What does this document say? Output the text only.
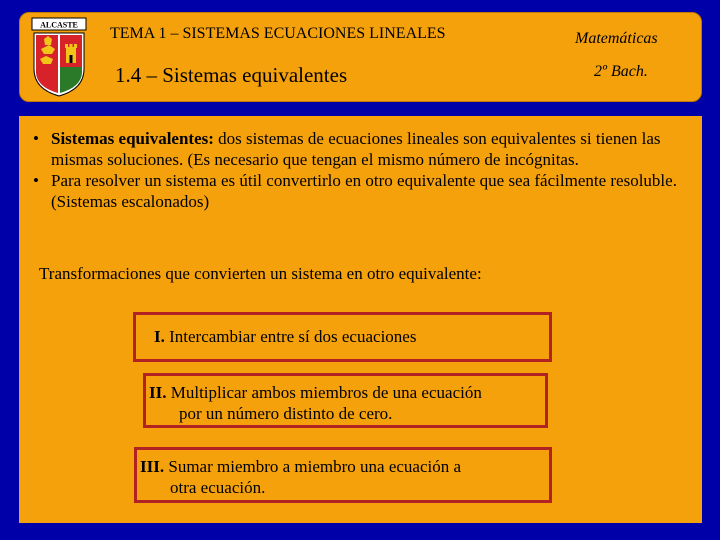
ALCASTE TEMA 1 – SISTEMAS ECUACIONES LINEALES
1.4 – Sistemas equivalentes
Matemáticas
2º Bach.
• Sistemas equivalentes: dos sistemas de ecuaciones lineales son equivalentes si tienen las mismas soluciones. (Es necesario que tengan el mismo número de incógnitas.
• Para resolver un sistema es útil convertirlo en otro equivalente que sea fácilmente resoluble.(Sistemas escalonados)
Transformaciones que convierten un sistema en otro equivalente:
I. Intercambiar entre sí dos ecuaciones
II. Multiplicar ambos miembros de una ecuación
por un número distinto de cero.
III. Sumar miembro a miembro una ecuación a
otra ecuación.
